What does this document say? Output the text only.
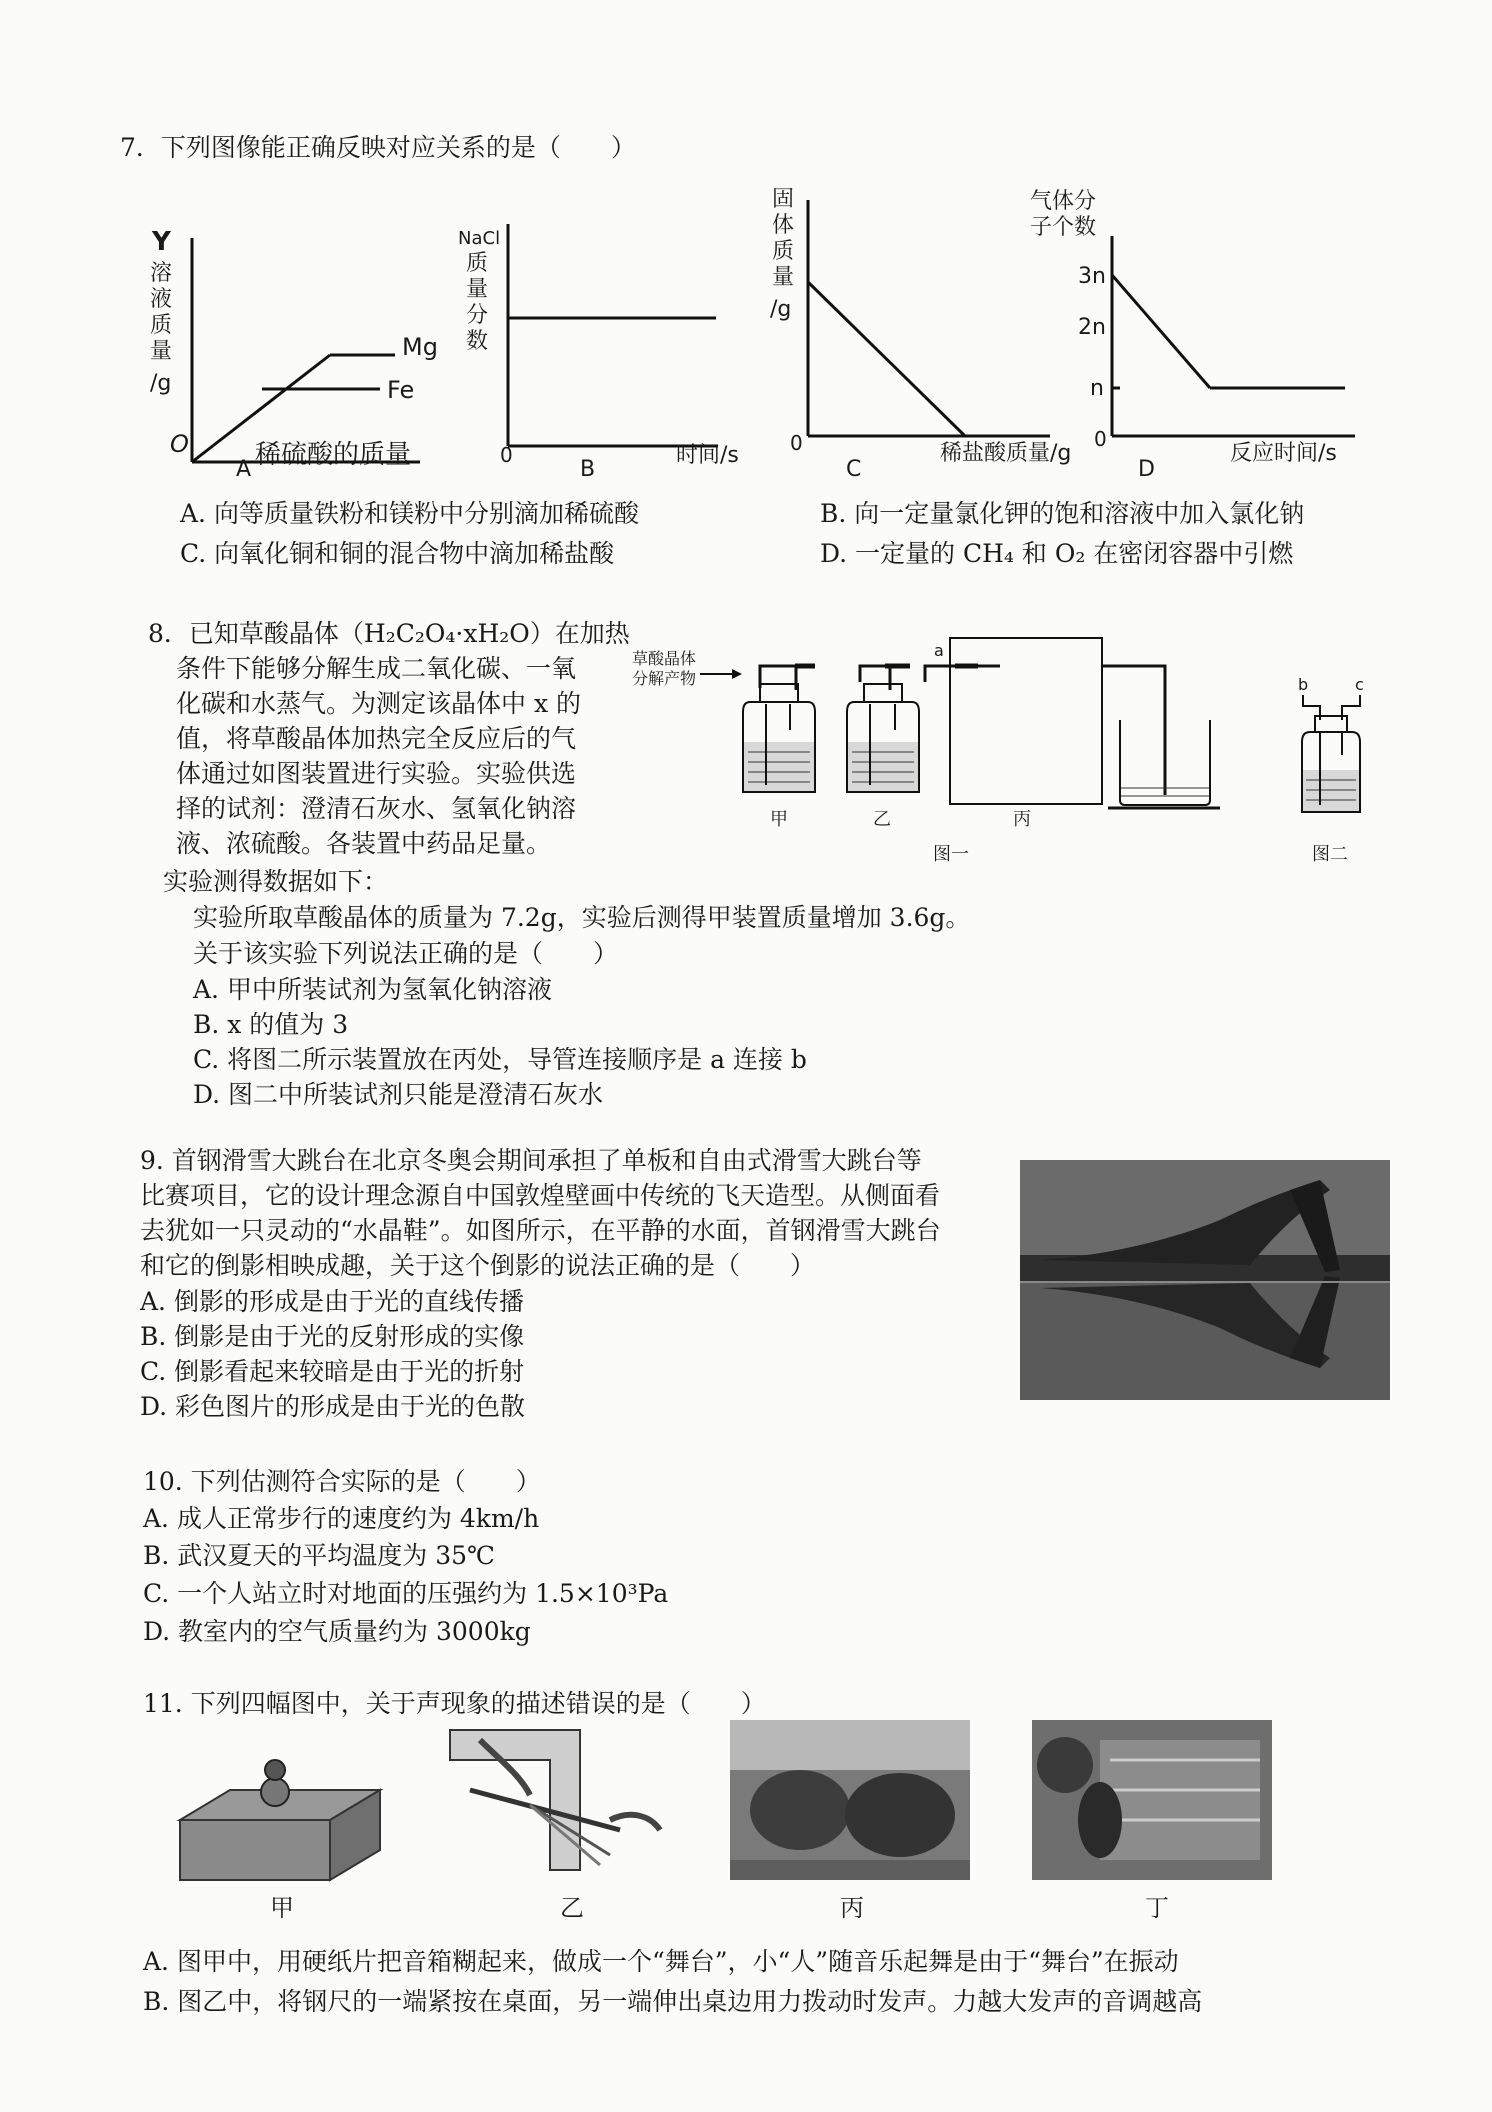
7．下列图像能正确反映对应关系的是（　　）
Y
溶
液
质
量
/g
Mg
Fe
O	稀硫酸的质量
A
NaCl
质
量
分
数
0	时间/s
B
固
体
质
量
/g
0	稀盐酸质量/g
C
气体分
子个数
3n
2n
n
0
反应时间/s
D
A. 向等质量铁粉和镁粉中分别滴加稀硫酸	B. 向一定量氯化钾的饱和溶液中加入氯化钠
C. 向氧化铜和铜的混合物中滴加稀盐酸	D. 一定量的 CH₄ 和 O₂ 在密闭容器中引燃
8．已知草酸晶体（H₂C₂O₄·xH₂O）在加热
条件下能够分解生成二氧化碳、一氧
化碳和水蒸气。为测定该晶体中 x 的
值，将草酸晶体加热完全反应后的气
体通过如图装置进行实验。实验供选
择的试剂：澄清石灰水、氢氧化钠溶
液、浓硫酸。各装置中药品足量。
实验测得数据如下：
实验所取草酸晶体的质量为 7.2g，实验后测得甲装置质量增加 3.6g。
关于该实验下列说法正确的是（　　）
A. 甲中所装试剂为氢氧化钠溶液
B. x 的值为 3
C. 将图二所示装置放在丙处，导管连接顺序是 a 连接 b
D. 图二中所装试剂只能是澄清石灰水
草酸晶体
分解产物
a
甲	乙	丙
图一
b	c
图二
9. 首钢滑雪大跳台在北京冬奥会期间承担了单板和自由式滑雪大跳台等
比赛项目，它的设计理念源自中国敦煌壁画中传统的飞天造型。从侧面看
去犹如一只灵动的“水晶鞋”。如图所示，在平静的水面，首钢滑雪大跳台
和它的倒影相映成趣，关于这个倒影的说法正确的是（　　）
A. 倒影的形成是由于光的直线传播
B. 倒影是由于光的反射形成的实像
C. 倒影看起来较暗是由于光的折射
D. 彩色图片的形成是由于光的色散
10. 下列估测符合实际的是（　　）
A. 成人正常步行的速度约为 4km/h
B. 武汉夏天的平均温度为 35℃
C. 一个人站立时对地面的压强约为 1.5×10³Pa
D. 教室内的空气质量约为 3000kg
11. 下列四幅图中，关于声现象的描述错误的是（　　）
甲	乙	丙	丁
A. 图甲中，用硬纸片把音箱糊起来，做成一个“舞台”，小“人”随音乐起舞是由于“舞台”在振动
B. 图乙中，将钢尺的一端紧按在桌面，另一端伸出桌边用力拨动时发声。力越大发声的音调越高
